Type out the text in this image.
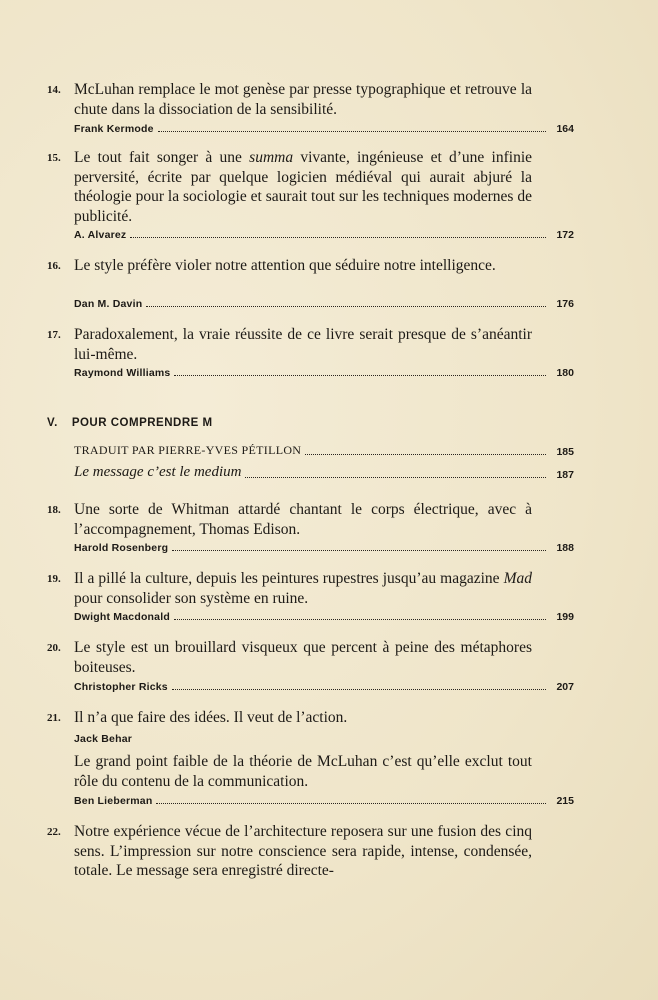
14. McLuhan remplace le mot genèse par presse typographique et retrouve la chute dans la dissociation de la sensibilité.
Frank Kermode	164
15. Le tout fait songer à une summa vivante, ingénieuse et d’une infinie perversité, écrite par quelque logicien médiéval qui aurait abjuré la théologie pour la sociologie et saurait tout sur les techniques modernes de publicité.
A. Alvarez	172
16. Le style préfère violer notre attention que séduire notre intelligence.
Dan M. Davin	176
17. Paradoxalement, la vraie réussite de ce livre serait presque de s’anéantir lui-même.
Raymond Williams	180
V. POUR COMPRENDRE M
TRADUIT PAR PIERRE-YVES PÉTILLON	185
Le message c’est le medium	187
18. Une sorte de Whitman attardé chantant le corps électrique, avec à l’accompagnement, Thomas Edison.
Harold Rosenberg	188
19. Il a pillé la culture, depuis les peintures rupestres jusqu’au magazine Mad pour consolider son système en ruine.
Dwight Macdonald	199
20. Le style est un brouillard visqueux que percent à peine des métaphores boiteuses.
Christopher Ricks	207
21. Il n’a que faire des idées. Il veut de l’action.
Jack Behar
Le grand point faible de la théorie de McLuhan c’est qu’elle exclut tout rôle du contenu de la communication.
Ben Lieberman	215
22. Notre expérience vécue de l’architecture reposera sur une fusion des cinq sens. L’impression sur notre conscience sera rapide, intense, condensée, totale. Le message sera enregistré directe-
